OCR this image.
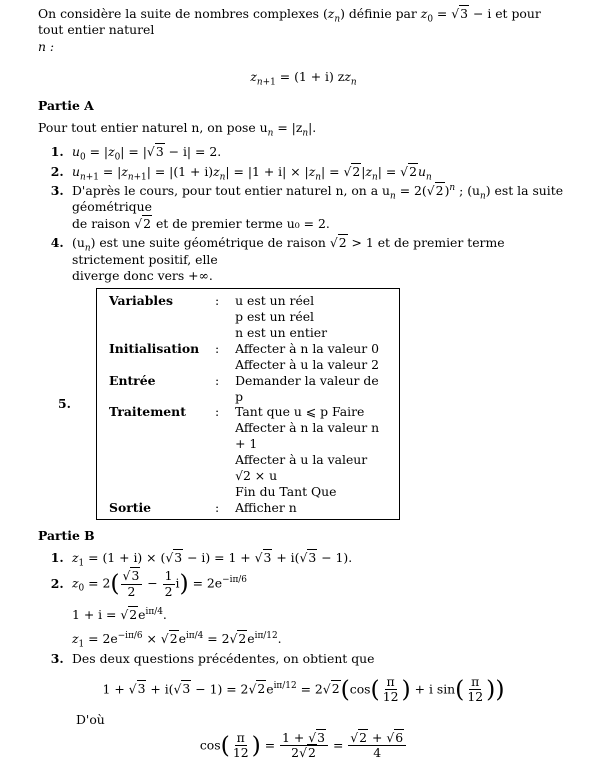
On considère la suite de nombres complexes $(z_n)$ définie par $z_0 = √3 - i$ et pour tout entier naturel

n :

$z_{n+1} = (1 + i)$ $zz_n$

Partie A

Pour tout entier naturel n, on pose $u_n = |z_n|$.

1. $u_0 = |z_0| = |√3 - i| = 2$.
2. $u_{n+1} = |z_{n+1}| = |(1 + i)z_n| = |1 + i| \times |z_n| = √2|z_n| = √2u_n$
3. D'après le cours, pour tout entier naturel n, on a $u_n = 2(√2)^n$ ; $(u_n)$ est la suite géométrique
de raison √2 et de premier terme u₀ = 2.
4. $(u_n)$ est une suite géométrique de raison √2 > 1 et de premier terme strictement positif, elle
diverge donc vers +∞.
5.
Variables	:	u est un réel
		p est un réel
		n est un entier
Initialisation	:	Affecter à n la valeur 0
		Affecter à u la valeur 2
Entrée	:	Demander la valeur de p
Traitement	:	Tant que u ⩽ p Faire
		Affecter à n la valeur n + 1
		Affecter à u la valeur √2 × u
		Fin du Tant Que
Sortie	:	Afficher n

Partie B

1. $z_1 = (1 + i) \times (√3 - i) = 1 + √3 + i(√3 - 1)$.
2. $z_0 = 2( \frac{√3}{2} - \frac{1}{2} i) = 2e^{-i\pi/6}$
$1 + i = √2e^{i\pi/4}$.
$z_1 = 2e^{-i\pi/6} \times √2e^{i\pi/4} = 2√2e^{i\pi/12}$.
3. Des deux questions précédentes, on obtient que

$1 + √3 + i(√3 - 1) = 2√2e^{i\pi/12} = 2√2(\cos( \frac{\pi}{12}$ ) + i $\sin( \frac{\pi}{12}$ ))

D'où

$\cos( \frac{\pi}{12}$ ) = $\frac{1 + √3}{2√2} = \frac{√2 + √6}{4}$
